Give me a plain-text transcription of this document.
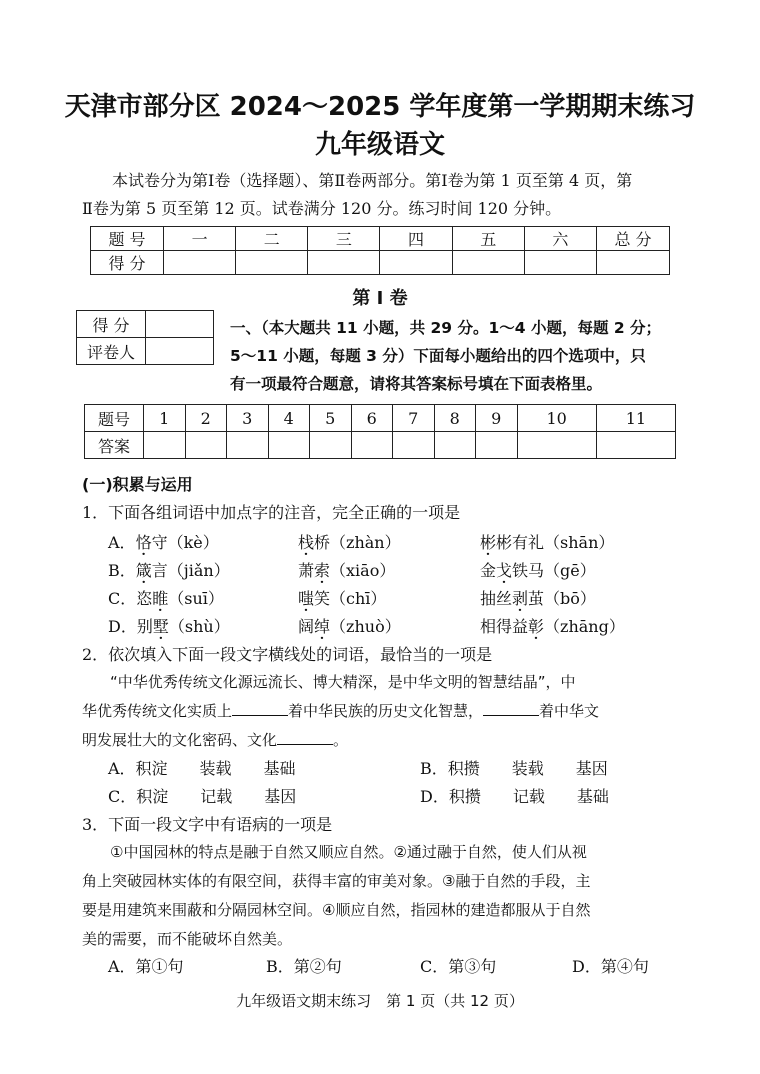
天津市部分区 2024～2025 学年度第一学期期末练习
九年级语文
本试卷分为第Ⅰ卷（选择题）、第Ⅱ卷两部分。第Ⅰ卷为第 1 页至第 4 页，第
Ⅱ卷为第 5 页至第 12 页。试卷满分 120 分。练习时间 120 分钟。
题 号	一	二	三	四	五	六	总 分
得 分							
第 Ⅰ 卷
得 分	
评卷人	
一、（本大题共 11 小题，共 29 分。1～4 小题，每题 2 分；
5～11 小题，每题 3 分）下面每小题给出的四个选项中，只
有一项最符合题意，请将其答案标号填在下面表格里。
题号	1	2	3	4	5	6	7	8	9	10	11
答案											
(一)积累与运用
1．下面各组词语中加点字的注音，完全正确的一项是
A．恪守（kè）	栈桥（zhàn）	彬彬有礼（shān）
B．箴言（jiǎn）	萧索（xiāo）	金戈铁马（gē）
C．恣睢（suī）	嗤笑（chī）	抽丝剥茧（bō）
D．别墅（shù）	阔绰（zhuò）	相得益彰（zhāng）
2．依次填入下面一段文字横线处的词语，最恰当的一项是
“中华优秀传统文化源远流长、博大精深，是中华文明的智慧结晶”，中
华优秀传统文化实质上	着中华民族的历史文化智慧，	着中华文
明发展壮大的文化密码、文化	。
A．积淀　　装载　　基础	B．积攒　　装载　　基因
C．积淀　　记载　　基因	D．积攒　　记载　　基础
3．下面一段文字中有语病的一项是
①中国园林的特点是融于自然又顺应自然。②通过融于自然，使人们从视
角上突破园林实体的有限空间，获得丰富的审美对象。③融于自然的手段，主
要是用建筑来围蔽和分隔园林空间。④顺应自然，指园林的建造都服从于自然
美的需要，而不能破坏自然美。
A．第①句	B．第②句	C．第③句	D．第④句
九年级语文期末练习　第 1 页（共 12 页）
